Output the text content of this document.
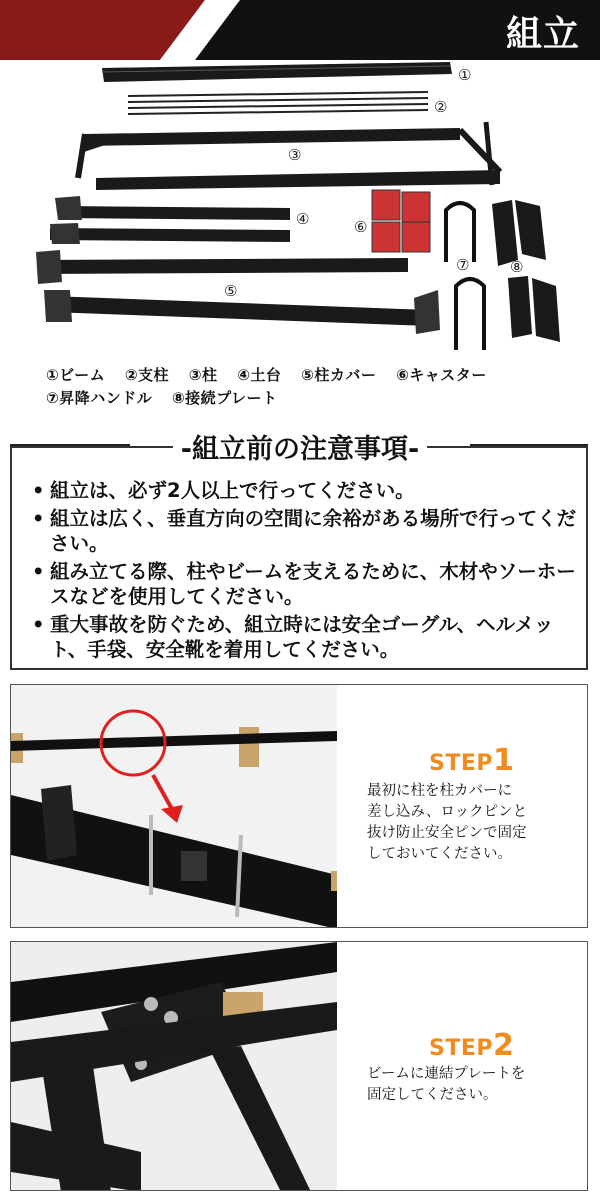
組立
①
②
③
④
⑤
⑥
⑦	⑧
①ビーム ②支柱 ③柱 ④土台 ⑤柱カバー ⑥キャスター
⑦昇降ハンドル ⑧接続プレート
• 組立は、必ず2人以上で行ってください。
• 組立は広く、垂直方向の空間に余裕がある場所で行ってください。
• 組み立てる際、柱やビームを支えるために、木材やソーホースなどを使用してください。
• 重大事故を防ぐため、組立時には安全ゴーグル、ヘルメット、手袋、安全靴を着用してください。
-組立前の注意事項-
STEP1
最初に柱を柱カバーに
差し込み、ロックピンと
抜け防止安全ピンで固定
しておいてください。
STEP2
ビームに連結プレートを
固定してください。
